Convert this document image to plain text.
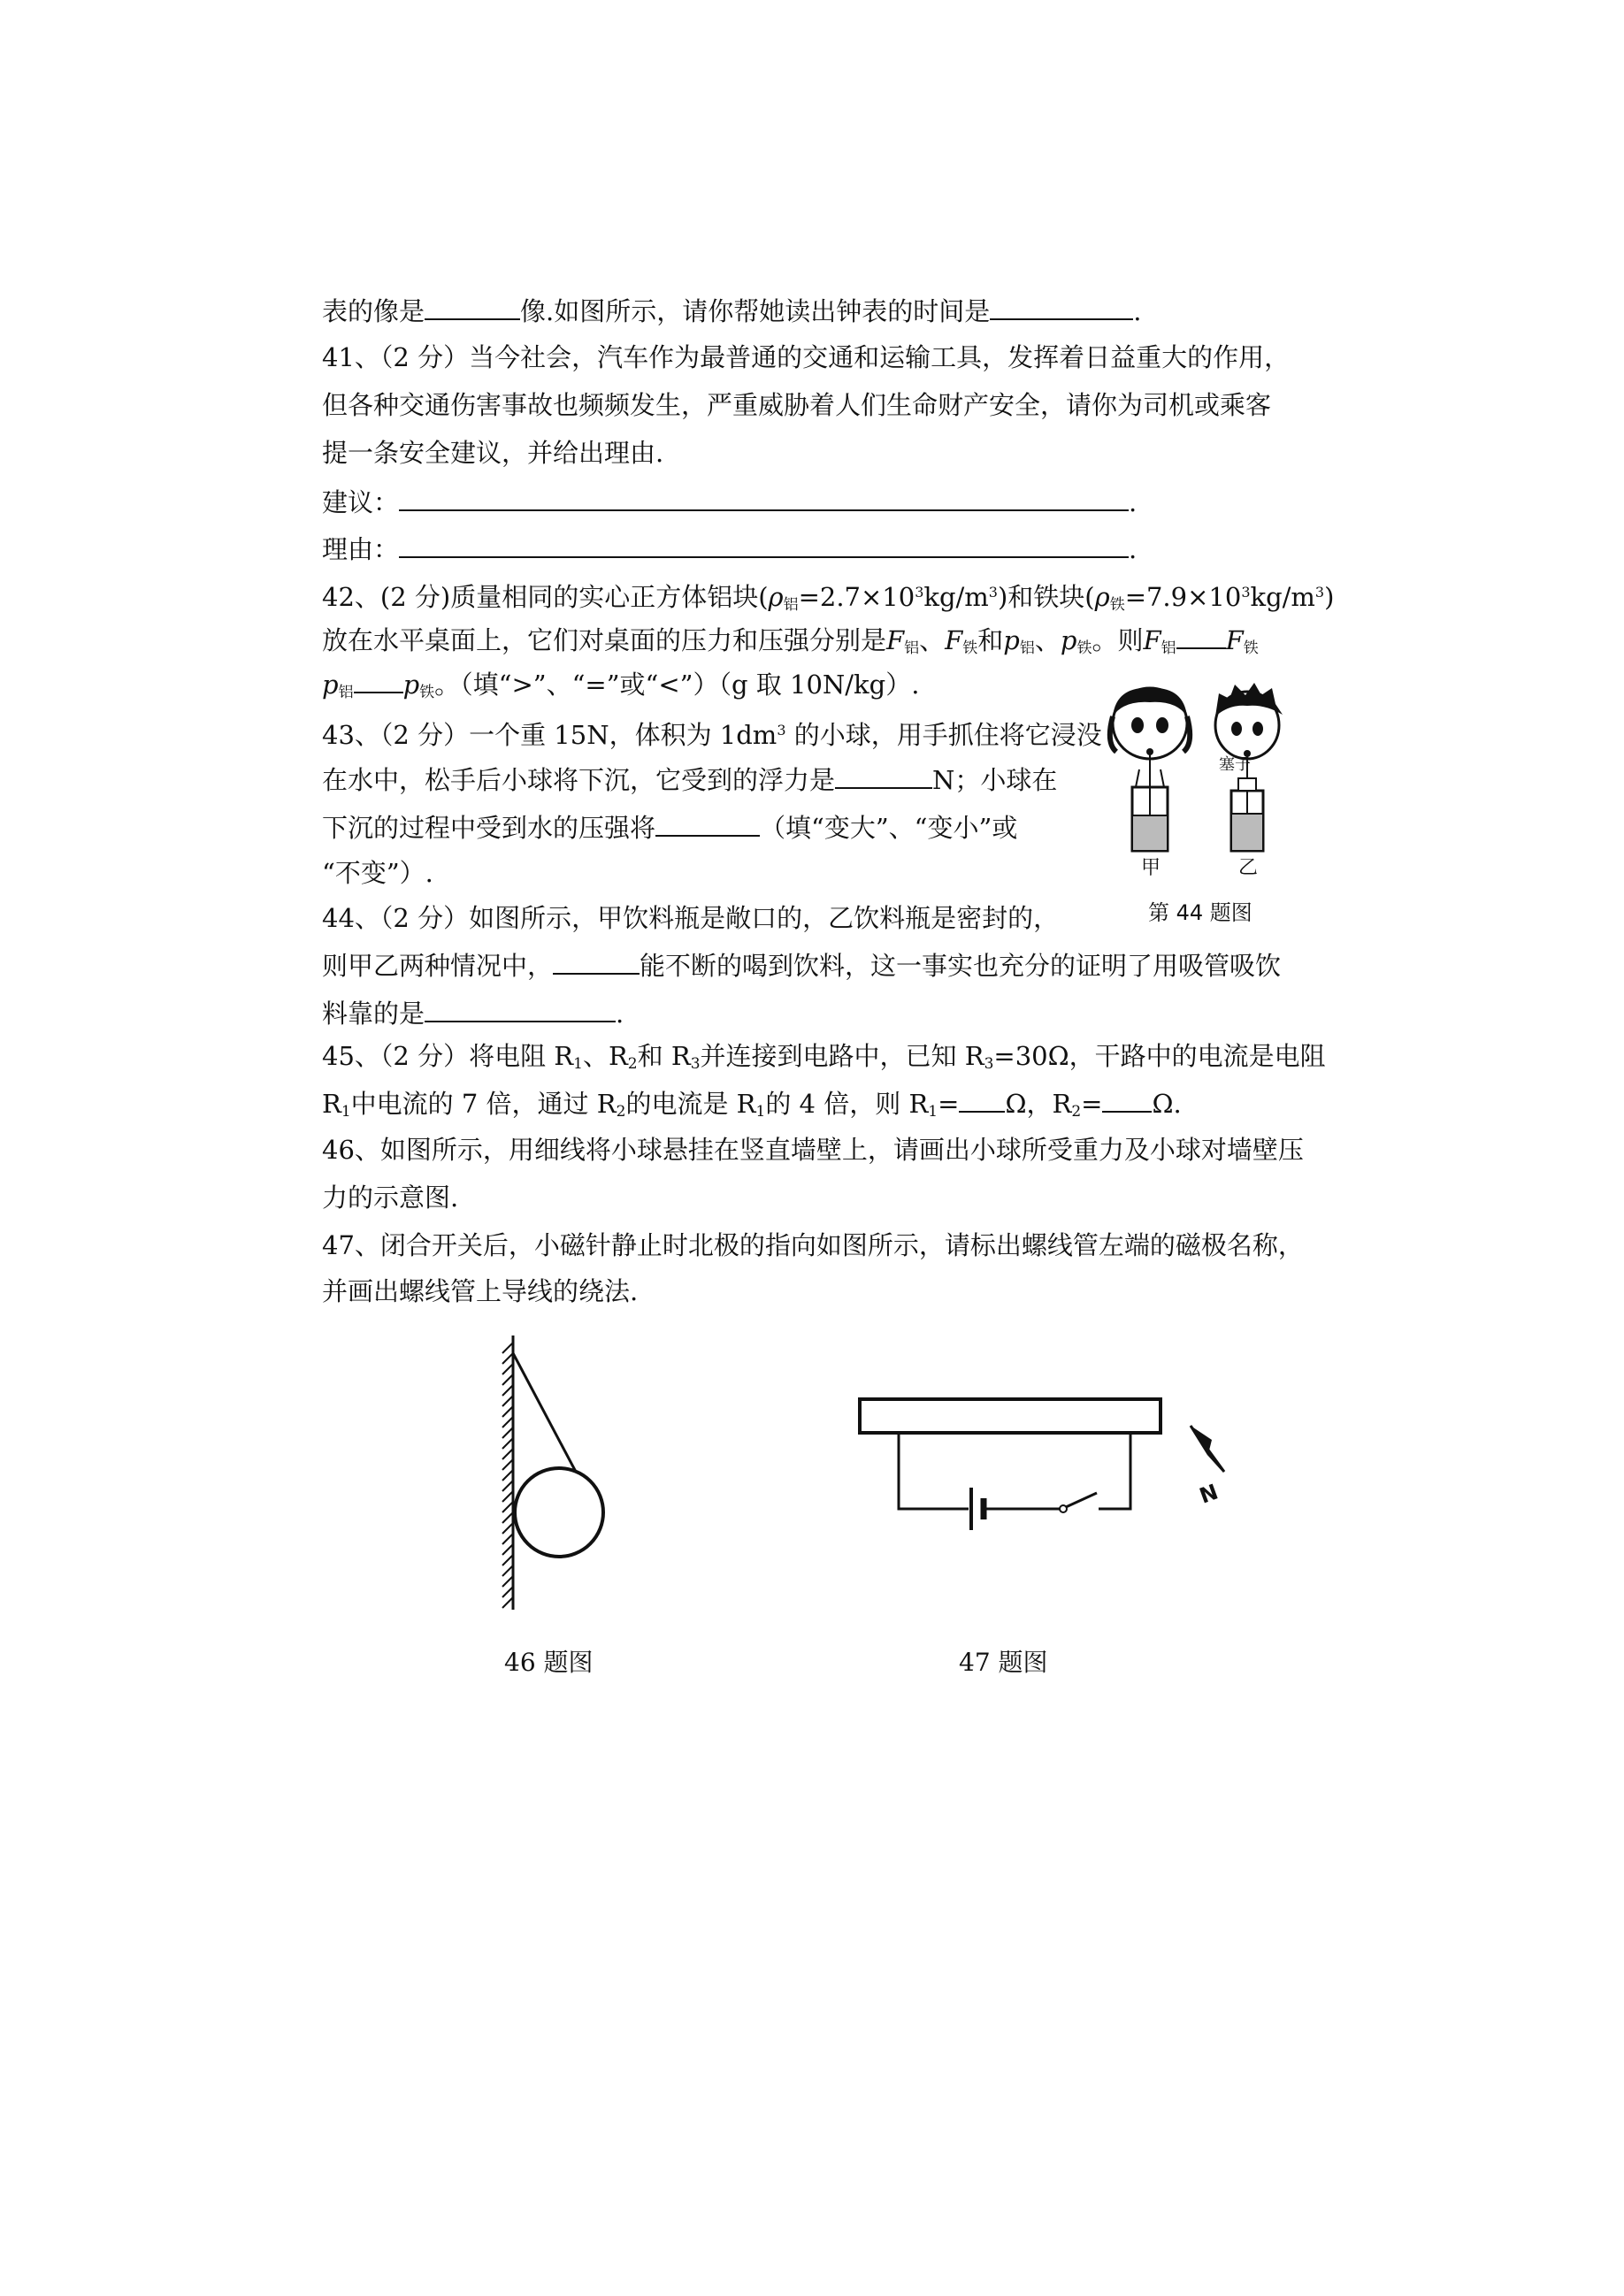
表的像是	像.如图所示，请你帮她读出钟表的时间是	.
41、（2 分）当今社会，汽车作为最普通的交通和运输工具，发挥着日益重大的作用，
但各种交通伤害事故也频频发生，严重威胁着人们生命财产安全，请你为司机或乘客
提一条安全建议，并给出理由.
建议：	.
理由：	.
42、(2 分)质量相同的实心正方体铝块$(\rho_铝=2.7\times 10^3kg/m^3)$和铁块$(\rho_铁=7.9\times 10^3kg/m^3)$
放在水平桌面上，它们对桌面的压力和压强分别是$F_铝$、$F_铁$和$p_铝$、$p_铁$。则$F_铝$ $F_铁$
$p_铝$ $p_铁$。（填“>”、“=”或“<”）（g 取 10N/kg）.
43、（2 分）一个重 15N，体积为 $1dm^3$ 的小球，用手抓住将它浸没
在水中，松手后小球将下沉，它受到的浮力是	N；小球在
下沉的过程中受到水的压强将	（填“变大”、“变小”或
“不变”）.
44、（2 分）如图所示，甲饮料瓶是敞口的，乙饮料瓶是密封的，
则甲乙两种情况中，	能不断的喝到饮料，这一事实也充分的证明了用吸管吸饮
料靠的是	.
塞子
甲	乙
第 44 题图
45、（2 分）将电阻 $R_1$、$R_2$和 $R_3$并连接到电路中，已知 $R_3=30\Omega$，干路中的电流是电阻
$R_1$中电流的 7 倍，通过 $R_2$的电流是 $R_1$的 4 倍，则 $R_1= \Omega$，$R_2= \Omega$.
46、如图所示，用细线将小球悬挂在竖直墙壁上，请画出小球所受重力及小球对墙壁压
力的示意图.
47、闭合开关后，小磁针静止时北极的指向如图所示，请标出螺线管左端的磁极名称，
并画出螺线管上导线的绕法.
46 题图
N
47 题图
